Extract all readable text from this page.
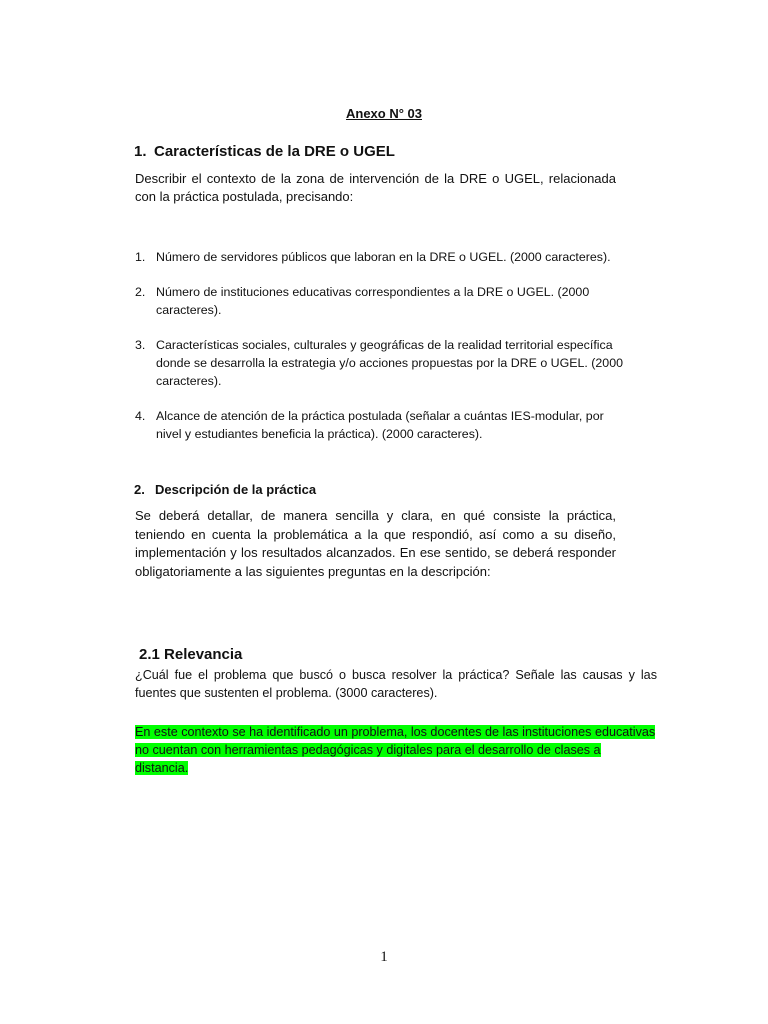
Anexo N° 03
1. Características de la DRE o UGEL
Describir el contexto de la zona de intervención de la DRE o UGEL, relacionada con la práctica postulada, precisando:
1. Número de servidores públicos que laboran en la DRE o UGEL. (2000 caracteres).
2. Número de instituciones educativas correspondientes a la DRE o UGEL. (2000 caracteres).
3. Características sociales, culturales y geográficas de la realidad territorial específica donde se desarrolla la estrategia y/o acciones propuestas por la DRE o UGEL. (2000 caracteres).
4. Alcance de atención de la práctica postulada (señalar a cuántas IES-modular, por nivel y estudiantes beneficia la práctica). (2000 caracteres).
2. Descripción de la práctica
Se deberá detallar, de manera sencilla y clara, en qué consiste la práctica, teniendo en cuenta la problemática a la que respondió, así como a su diseño, implementación y los resultados alcanzados. En ese sentido, se deberá responder obligatoriamente a las siguientes preguntas en la descripción:
2.1 Relevancia
¿Cuál fue el problema que buscó o busca resolver la práctica? Señale las causas y las fuentes que sustenten el problema. (3000 caracteres).
En este contexto se ha identificado un problema, los docentes de las instituciones educativas no cuentan con herramientas pedagógicas y digitales para el desarrollo de clases a distancia.
1
